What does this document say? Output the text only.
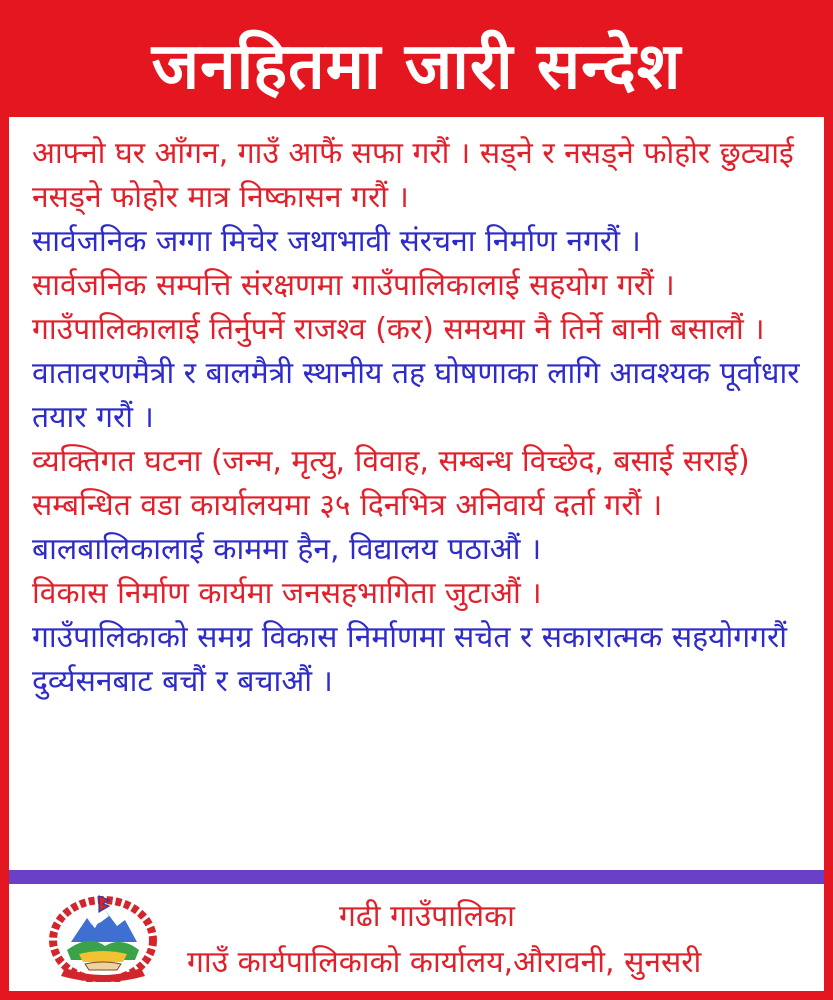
जनहितमा जारी सन्देश

आफ्नो घर आँगन, गाउँ आफैं सफा गरौं । सड्ने र नसड्ने फोहोर छुट्याई नसड्ने फोहोर मात्र निष्कासन गरौं ।

सार्वजनिक जग्गा मिचेर जथाभावी संरचना निर्माण नगरौं ।

सार्वजनिक सम्पत्ति संरक्षणमा गाउँपालिकालाई सहयोग गरौं ।

गाउँपालिकालाई तिर्नुपर्ने राजश्व (कर) समयमा नै तिर्ने बानी बसालौं ।

वातावरणमैत्री र बालमैत्री स्थानीय तह घोषणाका लागि आवश्यक पूर्वाधार तयार गरौं ।

व्यक्तिगत घटना (जन्म, मृत्यु, विवाह, सम्बन्ध विच्छेद, बसाई सराई) सम्बन्धित वडा कार्यालयमा ३५ दिनभित्र अनिवार्य दर्ता गरौं ।

बालबालिकालाई काममा हैन, विद्यालय पठाऔं ।

विकास निर्माण कार्यमा जनसहभागिता जुटाऔं ।

गाउँपालिकाको समग्र विकास निर्माणमा सचेत र सकारात्मक सहयोगगरौं दुर्व्यसनबाट बचौं र बचाऔं ।

गढी गाउँपालिका
गाउँ कार्यपालिकाको कार्यालय,औरावनी, सुनसरी
